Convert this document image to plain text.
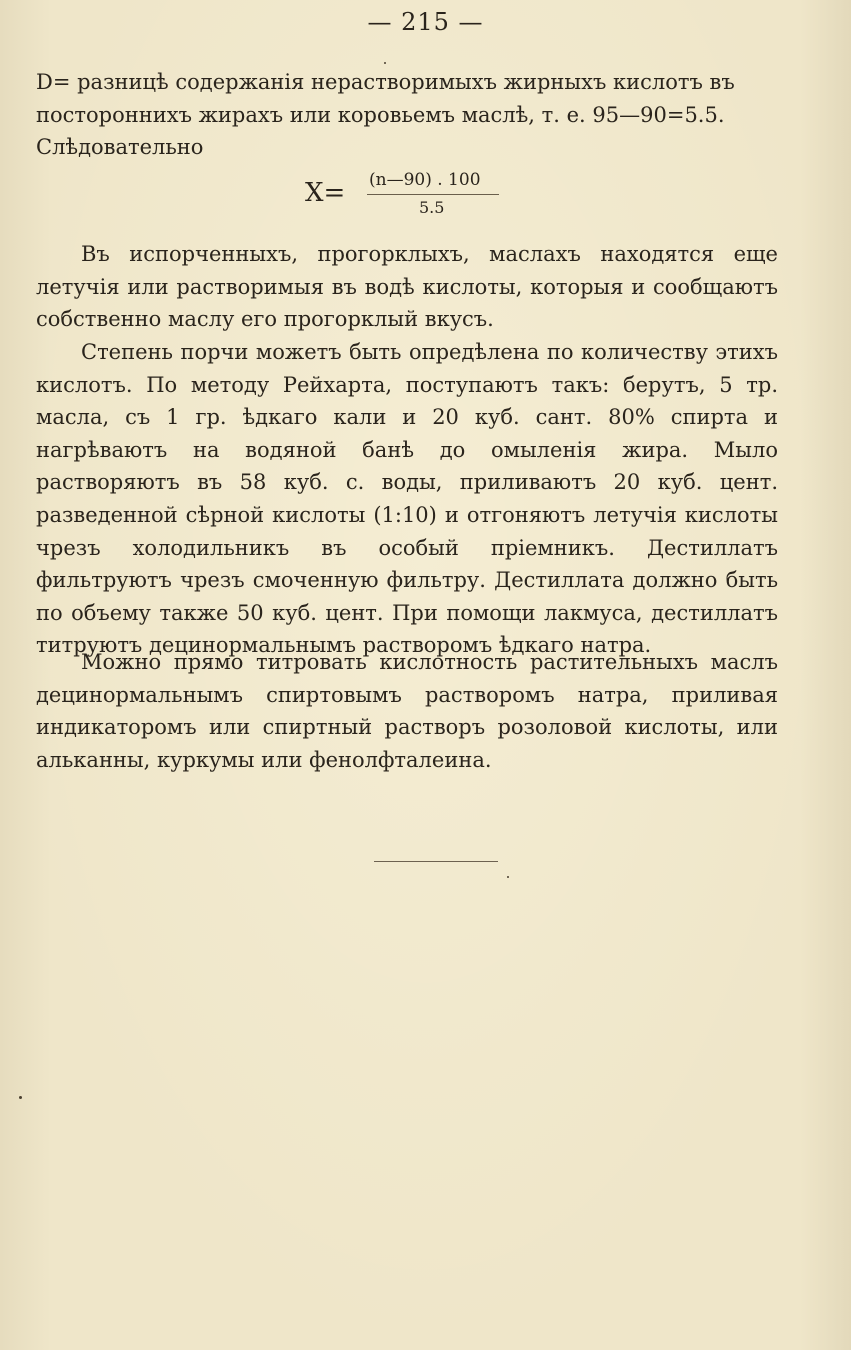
— 215 —
D= разницѣ содержанія нерастворимыхъ жирныхъ кислотъ въ
постороннихъ жирахъ или коровьемъ маслѣ, т. е. 95—90=5.5.
Слѣдовательно
X= (n—90) . 100
5.5
Въ испорченныхъ, прогорклыхъ, маслахъ находятся еще летучія или растворимыя въ водѣ кислоты, которыя и сообщаютъ собственно маслу его прогорклый вкусъ.
Степень порчи можетъ быть опредѣлена по количеству этихъ кислотъ. По методу Рейхарта, поступаютъ такъ: берутъ, 5 тр. масла, съ 1 гр. ѣдкаго кали и 20 куб. сант. 80% спирта и нагрѣваютъ на водяной банѣ до омыленія жира. Мыло растворяютъ въ 58 куб. с. воды, приливаютъ 20 куб. цент. разведенной сѣрной кислоты (1:10) и отгоняютъ летучія кислоты чрезъ холодильникъ въ особый пріемникъ. Дестиллатъ фильтруютъ чрезъ смоченную фильтру. Дестиллата должно быть по объему также 50 куб. цент. При помощи лакмуса, дестиллатъ титруютъ децинормальнымъ растворомъ ѣдкаго натра.
Можно прямо титровать кислотность растительныхъ маслъ децинормальнымъ спиртовымъ растворомъ натра, приливая индикаторомъ или спиртный растворъ розоловой кислоты, или альканны, куркумы или фенолфталеина.
